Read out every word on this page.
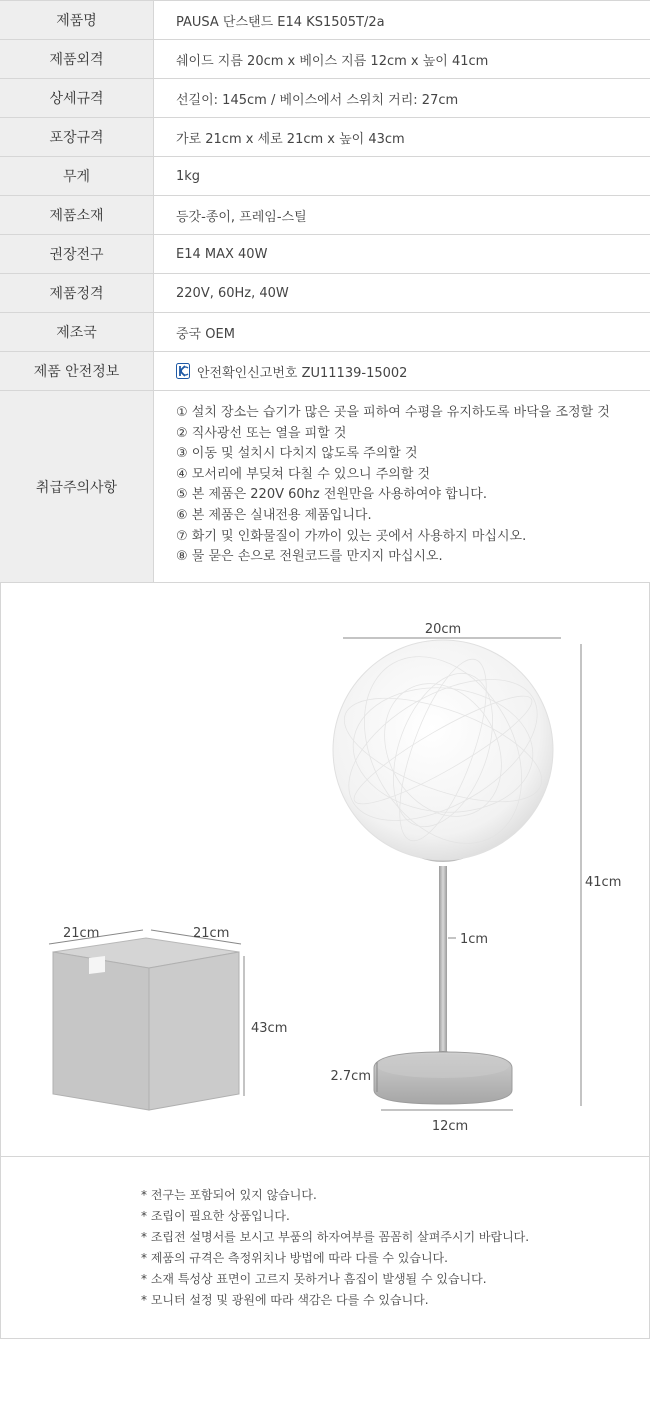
제품명	PAUSA 단스탠드 E14 KS1505T/2a
제품외격	쉐이드 지름 20cm x 베이스 지름 12cm x 높이 41cm
상세규격	선길이: 145cm / 베이스에서 스위치 거리: 27cm
포장규격	가로 21cm x 세로 21cm x 높이 43cm
무게	1kg
제품소재	등갓-종이, 프레임-스틸
권장전구	E14 MAX 40W
제품정격	220V, 60Hz, 40W
제조국	중국 OEM
제품 안전정보	안전확인신고번호 ZU11139-15002
취급주의사항
① 설치 장소는 습기가 많은 곳을 피하여 수평을 유지하도록 바닥을 조정할 것
② 직사광선 또는 열을 피할 것
③ 이동 및 설치시 다치지 않도록 주의할 것
④ 모서리에 부딪쳐 다칠 수 있으니 주의할 것
⑤ 본 제품은 220V 60hz 전원만을 사용하여야 합니다.
⑥ 본 제품은 실내전용 제품입니다.
⑦ 화기 및 인화물질이 가까이 있는 곳에서 사용하지 마십시오.
⑧ 물 묻은 손으로 전원코드를 만지지 마십시오.
21cm	21cm
43cm
20cm
41cm
1cm
2.7cm
12cm
* 전구는 포함되어 있지 않습니다.
* 조립이 필요한 상품입니다.
* 조립전 설명서를 보시고 부품의 하자여부를 꼼꼼히 살펴주시기 바랍니다.
* 제품의 규격은 측정위치나 방법에 따라 다를 수 있습니다.
* 소재 특성상 표면이 고르지 못하거나 흠집이 발생될 수 있습니다.
* 모니터 설정 및 광원에 따라 색감은 다를 수 있습니다.
